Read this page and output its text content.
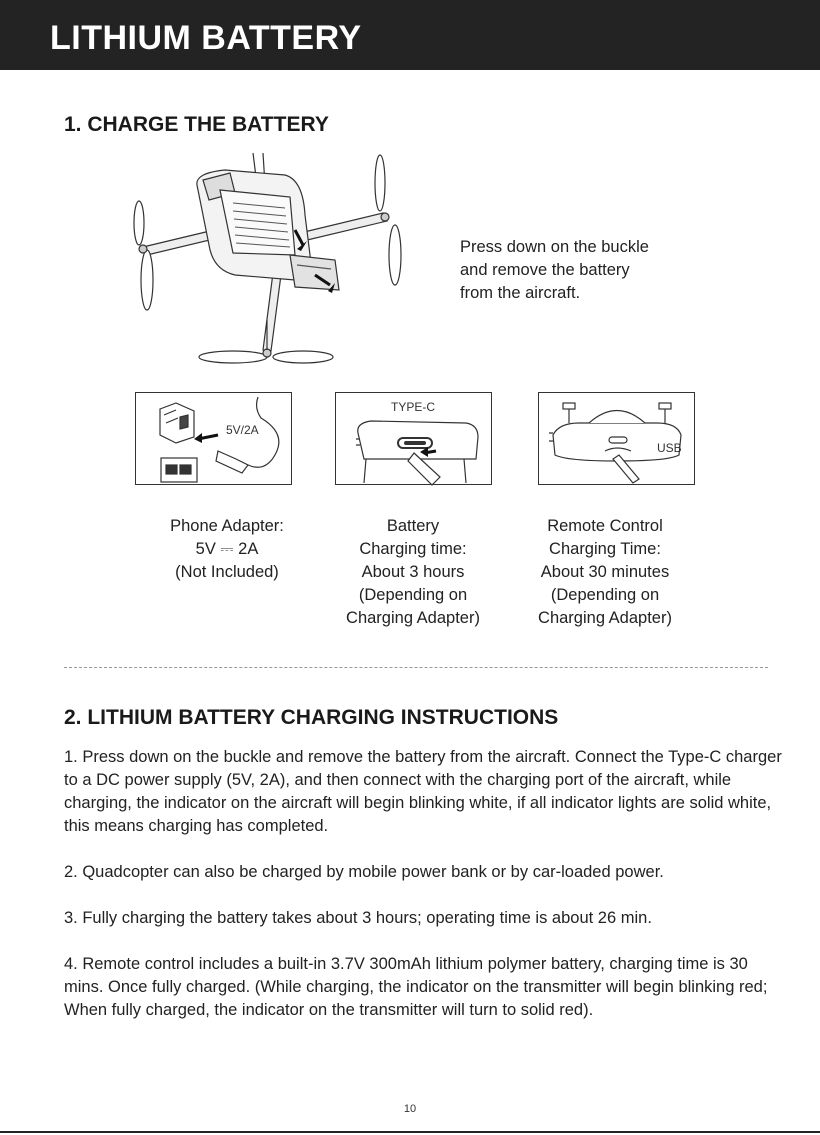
LITHIUM BATTERY
1. CHARGE THE BATTERY
Press down on the buckle
and remove the battery
from the aircraft.
5V/2A
TYPE-C
USB
Phone Adapter:
5V ⎓ 2A
(Not Included)
Battery
Charging time:
About 3 hours
(Depending on
Charging Adapter)
Remote Control
Charging Time:
About 30 minutes
(Depending on
Charging Adapter)
2. LITHIUM BATTERY CHARGING INSTRUCTIONS
1. Press down on the buckle and remove the battery from the aircraft. Connect the Type-C charger to a DC power supply (5V, 2A), and then connect with the charging port of the aircraft, while charging, the indicator on the aircraft will begin blinking white, if all indicator lights are solid white, this means charging has completed.
2. Quadcopter can also be charged by mobile power bank or by car-loaded power.
3. Fully charging the battery takes about 3 hours; operating time is about 26 min.
4. Remote control includes a built-in 3.7V 300mAh lithium polymer battery, charging time is 30 mins. Once fully charged. (While charging, the indicator on the transmitter will begin blinking red; When fully charged, the indicator on the transmitter will turn to solid red).
10
